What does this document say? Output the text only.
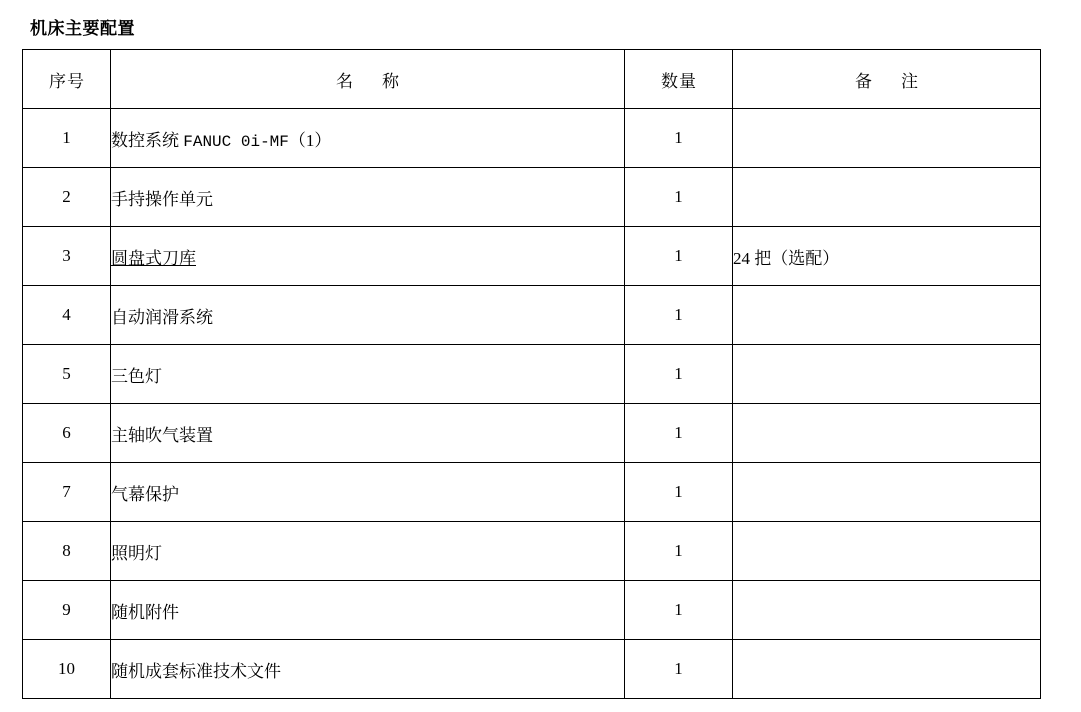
机床主要配置
序号	名　称	数量	备　注
1	数控系统 FANUC 0i-MF（1）	1	
2	手持操作单元	1	
3	圆盘式刀库	1	24 把（选配）
4	自动润滑系统	1	
5	三色灯	1	
6	主轴吹气装置	1	
7	气幕保护	1	
8	照明灯	1	
9	随机附件	1	
10	随机成套标准技术文件	1	
